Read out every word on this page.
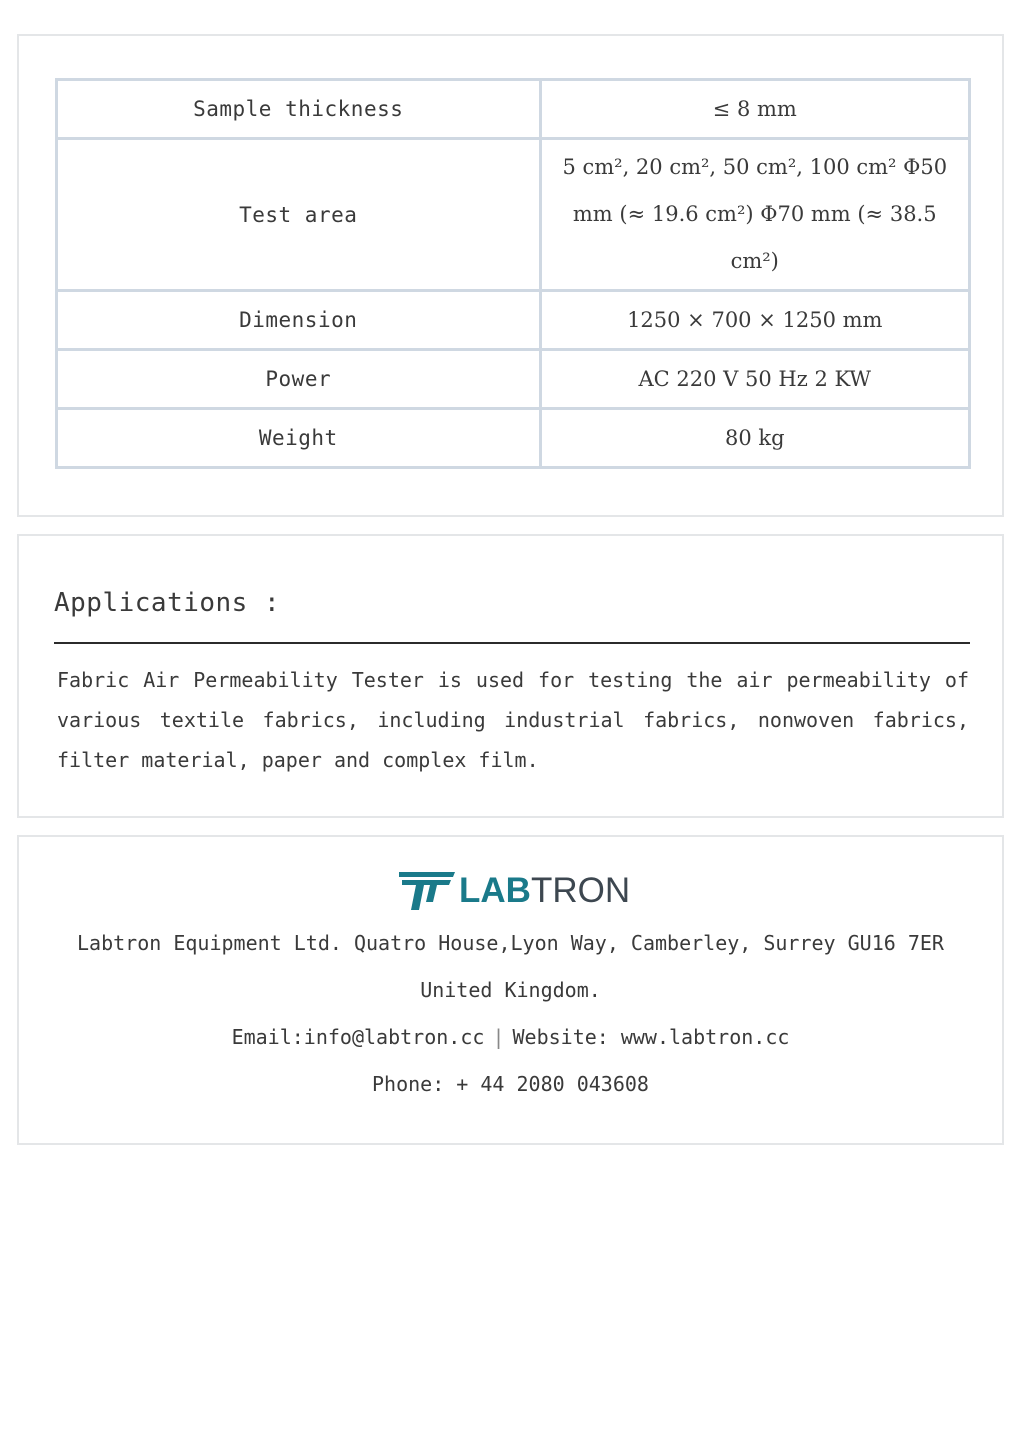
Sample thickness	≤ 8 mm
Test area	5 cm², 20 cm², 50 cm², 100 cm² Φ50 mm (≈ 19.6 cm²) Φ70 mm (≈ 38.5 cm²)
Dimension	1250 × 700 × 1250 mm
Power	AC 220 V 50 Hz 2 KW
Weight	80 kg
Applications :

Fabric Air Permeability Tester is used for testing the air permeability of various textile fabrics, including industrial fabrics, nonwoven fabrics, filter material, paper and complex film.

LABTRON

Labtron Equipment Ltd. Quatro House,Lyon Way, Camberley, Surrey GU16 7ER

United Kingdom.

Email:info@labtron.cc | Website: www.labtron.cc

Phone: + 44 2080 043608
